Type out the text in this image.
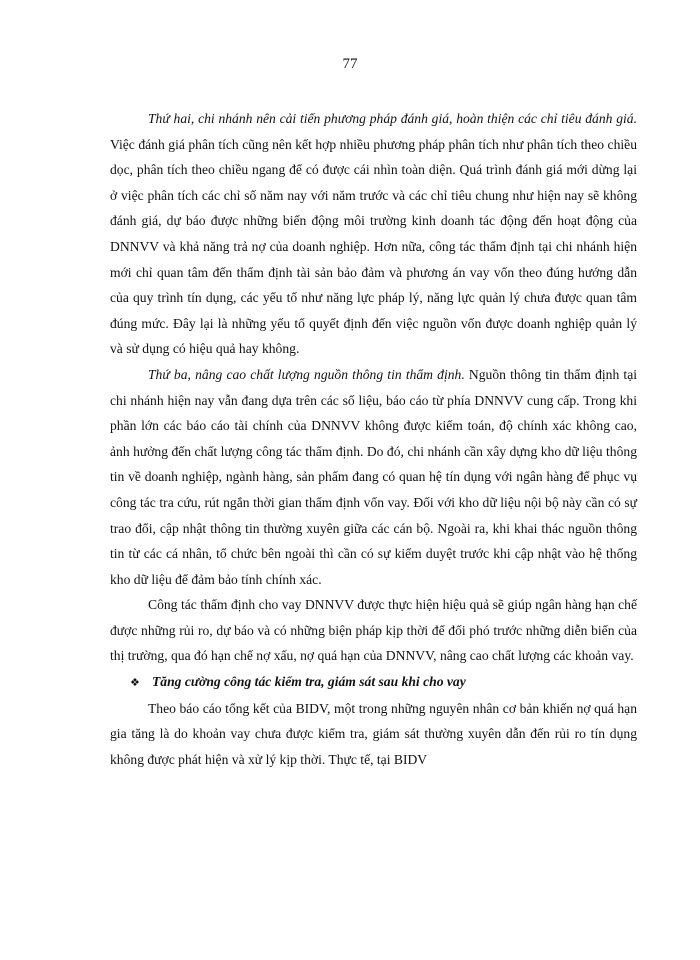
77

Thứ hai, chi nhánh nên cải tiến phương pháp đánh giá, hoàn thiện các chỉ tiêu đánh giá. Việc đánh giá phân tích cũng nên kết hợp nhiều phương pháp phân tích như phân tích theo chiều dọc, phân tích theo chiều ngang để có được cái nhìn toàn diện. Quá trình đánh giá mới dừng lại ở việc phân tích các chỉ số năm nay với năm trước và các chỉ tiêu chung như hiện nay sẽ không đánh giá, dự báo được những biến động môi trường kinh doanh tác động đến hoạt động của DNNVV và khả năng trả nợ của doanh nghiệp. Hơn nữa, công tác thẩm định tại chi nhánh hiện mới chỉ quan tâm đến thẩm định tài sản bảo đảm và phương án vay vốn theo đúng hướng dẫn của quy trình tín dụng, các yếu tố như năng lực pháp lý, năng lực quản lý chưa được quan tâm đúng mức. Đây lại là những yếu tố quyết định đến việc nguồn vốn được doanh nghiệp quản lý và sử dụng có hiệu quả hay không.

Thứ ba, nâng cao chất lượng nguồn thông tin thẩm định. Nguồn thông tin thẩm định tại chi nhánh hiện nay vẫn đang dựa trên các số liệu, báo cáo từ phía DNNVV cung cấp. Trong khi phần lớn các báo cáo tài chính của DNNVV không được kiểm toán, độ chính xác không cao, ảnh hưởng đến chất lượng công tác thẩm định. Do đó, chi nhánh cần xây dựng kho dữ liệu thông tin về doanh nghiệp, ngành hàng, sản phẩm đang có quan hệ tín dụng với ngân hàng để phục vụ công tác tra cứu, rút ngắn thời gian thẩm định vốn vay. Đối với kho dữ liệu nội bộ này cần có sự trao đổi, cập nhật thông tin thường xuyên giữa các cán bộ. Ngoài ra, khi khai thác nguồn thông tin từ các cá nhân, tổ chức bên ngoài thì cần có sự kiểm duyệt trước khi cập nhật vào hệ thống kho dữ liệu để đảm bảo tính chính xác.

Công tác thẩm định cho vay DNNVV được thực hiện hiệu quả sẽ giúp ngân hàng hạn chế được những rủi ro, dự báo và có những biện pháp kịp thời để đối phó trước những diễn biến của thị trường, qua đó hạn chế nợ xấu, nợ quá hạn của DNNVV, nâng cao chất lượng các khoản vay.

❖ Tăng cường công tác kiểm tra, giám sát sau khi cho vay

Theo báo cáo tổng kết của BIDV, một trong những nguyên nhân cơ bản khiến nợ quá hạn gia tăng là do khoản vay chưa được kiểm tra, giám sát thường xuyên dẫn đến rủi ro tín dụng không được phát hiện và xử lý kịp thời. Thực tế, tại BIDV
